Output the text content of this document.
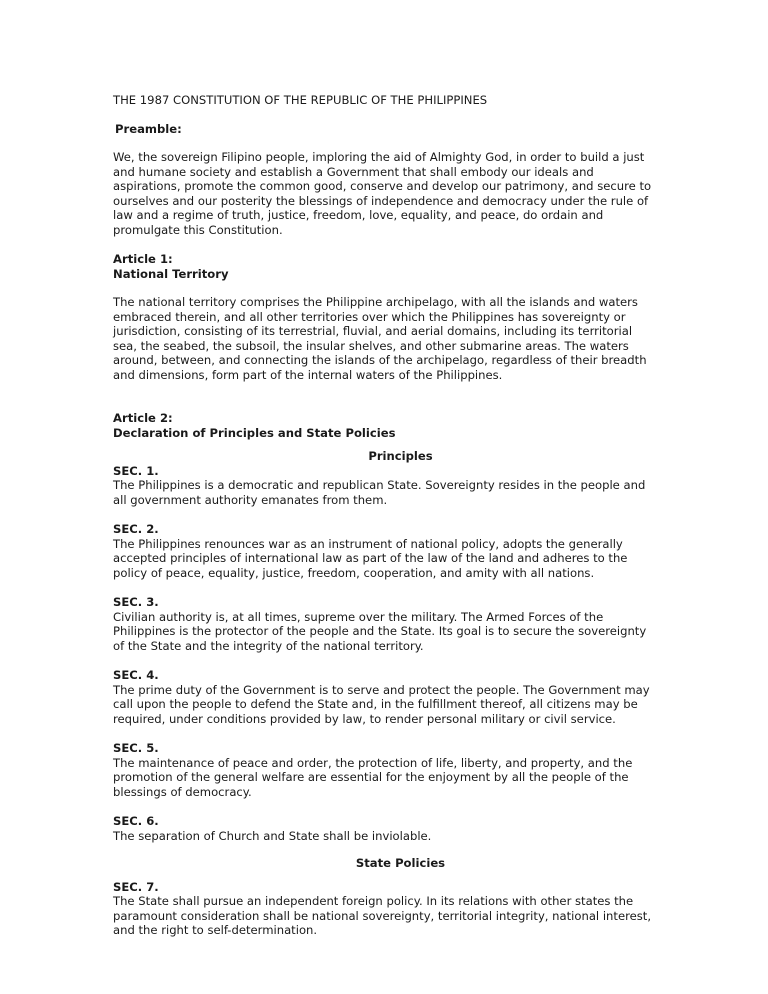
THE 1987 CONSTITUTION OF THE REPUBLIC OF THE PHILIPPINES

Preamble:

We, the sovereign Filipino people, imploring the aid of Almighty God, in order to build a just and humane society and establish a Government that shall embody our ideals and aspirations, promote the common good, conserve and develop our patrimony, and secure to ourselves and our posterity the blessings of independence and democracy under the rule of law and a regime of truth, justice, freedom, love, equality, and peace, do ordain and promulgate this Constitution.

Article 1:
National Territory

The national territory comprises the Philippine archipelago, with all the islands and waters embraced therein, and all other territories over which the Philippines has sovereignty or jurisdiction, consisting of its terrestrial, fluvial, and aerial domains, including its territorial sea, the seabed, the subsoil, the insular shelves, and other submarine areas. The waters around, between, and connecting the islands of the archipelago, regardless of their breadth and dimensions, form part of the internal waters of the Philippines.

Article 2:
Declaration of Principles and State Policies

Principles

SEC. 1.
The Philippines is a democratic and republican State. Sovereignty resides in the people and all government authority emanates from them.
SEC. 2.
The Philippines renounces war as an instrument of national policy, adopts the generally accepted principles of international law as part of the law of the land and adheres to the policy of peace, equality, justice, freedom, cooperation, and amity with all nations.
SEC. 3.
Civilian authority is, at all times, supreme over the military. The Armed Forces of the Philippines is the protector of the people and the State. Its goal is to secure the sovereignty of the State and the integrity of the national territory.
SEC. 4.
The prime duty of the Government is to serve and protect the people. The Government may call upon the people to defend the State and, in the fulfillment thereof, all citizens may be required, under conditions provided by law, to render personal military or civil service.
SEC. 5.
The maintenance of peace and order, the protection of life, liberty, and property, and the promotion of the general welfare are essential for the enjoyment by all the people of the blessings of democracy.
SEC. 6.
The separation of Church and State shall be inviolable.

State Policies

SEC. 7.
The State shall pursue an independent foreign policy. In its relations with other states the paramount consideration shall be national sovereignty, territorial integrity, national interest, and the right to self-determination.
